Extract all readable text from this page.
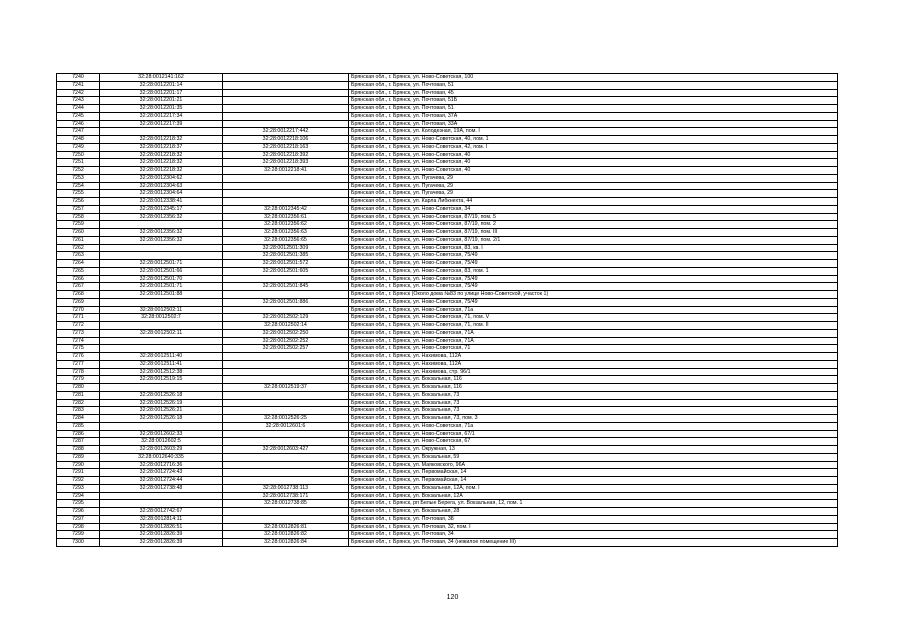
7240	32:28:0012141:162		Брянская обл., г. Брянск, ул. Ново-Советская, 100
7241	32:28:0012201:14		Брянская обл., г. Брянск, ул. Почтовая, 51
7242	32:28:0012201:17		Брянская обл., г. Брянск, ул. Почтовая, 45
7243	32:28:0012201:21		Брянская обл., г. Брянск, ул. Почтовая, 51Б
7244	32:28:0012201:35		Брянская обл., г. Брянск, ул. Почтовая, 51
7245	32:28:0012217:34		Брянская обл., г. Брянск, ул. Почтовая, 37А
7246	32:28:0012217:39		Брянская обл., г. Брянск, ул. Почтовая, 33А
7247		32:28:0012217:442	Брянская обл., г. Брянск, ул. Колодезная, 19А, пом. I
7248	32:28:0012218:32	32:28:0012218:106	Брянская обл., г. Брянск, ул. Ново-Советская, 40, пом. 1
7249	32:28:0012218:37	32:28:0012218:163	Брянская обл., г. Брянск, ул. Ново-Советская, 42, пом. I
7250	32:28:0012218:32	32:28:0012218:392	Брянская обл., г. Брянск, ул. Ново-Советская, 40
7251	32:28:0012218:32	32:28:0012218:393	Брянская обл., г. Брянск, ул. Ново-Советская, 40
7252	32:28:0012218:32	32:28:0012218:41	Брянская обл., г. Брянск, ул. Ново-Советская, 40
7253	32:28:0012304:62		Брянская обл., г. Брянск, ул. Пугачева, 29
7254	32:28:0012304:63		Брянская обл., г. Брянск, ул. Пугачева, 29
7255	32:28:0012304:64		Брянская обл., г. Брянск, ул. Пугачева, 29
7256	32:28:0012338:41		Брянская обл., г. Брянск, ул. Карла Либкнехта, 44
7257	32:28:0012345:17	32:28:0012345:42	Брянская обл., г. Брянск, ул. Ново-Советская, 34
7258	32:28:0012356:32	32:28:0012356:61	Брянская обл., г. Брянск, ул. Ново-Советская, 87/19, пом. 5
7259		32:28:0012356:62	Брянская обл., г. Брянск, ул. Ново-Советская, 87/19, пом. 2
7260	32:28:0012356:32	32:28:0012356:63	Брянская обл., г. Брянск, ул. Ново-Советская, 87/19, пом. III
7261	32:28:0012356:32	32:28:0012356:65	Брянская обл., г. Брянск, ул. Ново-Советская, 87/19, пом. 2/1
7262		32:28:0012501:309	Брянская обл., г. Брянск, ул. Ново-Советская, 83, кв. I
7263		32:28:0012501:385	Брянская обл., г. Брянск, ул. Ново-Советская, 75/49
7264	32:28:0012501:71	32:28:0012501:572	Брянская обл., г. Брянск, ул. Ново-Советская, 75/49
7265	32:28:0012501:66	32:28:0012501:605	Брянская обл., г. Брянск, ул. Ново-Советская, 83, пом. 1
7266	32:28:0012501:70		Брянская обл., г. Брянск, ул. Ново-Советская, 75/49
7267	32:28:0012501:71	32:28:0012501:845	Брянская обл., г. Брянск, ул. Ново-Советская, 75/49
7268	32:28:0012501:88		Брянская обл., г. Брянск (Около дома №83 по улице Ново-Советской, участок 1)
7269		32:28:0012501:886	Брянская обл., г. Брянск, ул. Ново-Советская, 75/49
7270	32:28:0012502:11		Брянская обл., г. Брянск, ул. Ново-Советская, 71а
7271	32:28:0012502:7	32:28:0012502:129	Брянская обл., г. Брянск, ул. Ново-Советская, 71, пом. V
7272		32:28:0012502:14	Брянская обл., г. Брянск, ул. Ново-Советская, 71, пом. II
7273	32:28:0012502:11	32:28:0012502:250	Брянская обл., г. Брянск, ул. Ново-Советская, 71А
7274		32:28:0012502:252	Брянская обл., г. Брянск, ул. Ново-Советская, 71А
7275		32:28:0012502:257	Брянская обл., г. Брянск, ул. Ново-Советская, 71
7276	32:28:0012511:40		Брянская обл., г. Брянск, ул. Нахимова, 112А
7277	32:28:0012511:41		Брянская обл., г. Брянск, ул. Нахимова, 112А
7278	32:28:0012512:38		Брянская обл., г. Брянск, ул. Нахимова, стр. 96/1
7279	32:28:0012519:15		Брянская обл., г. Брянск, ул. Вокзальная, 116
7280		32:28:0012519:37	Брянская обл., г. Брянск, ул. Вокзальная, 116
7281	32:28:0012526:18		Брянская обл., г. Брянск, ул. Вокзальная, 73
7282	32:28:0012526:19		Брянская обл., г. Брянск, ул. Вокзальная, 73
7283	32:28:0012526:21		Брянская обл., г. Брянск, ул. Вокзальная, 73
7284	32:28:0012526:18	32:28:0012526:25	Брянская обл., г. Брянск, ул. Вокзальная, 73, пом. 3
7285		32:28:0012601:6	Брянская обл., г. Брянск, ул. Ново-Советская, 71а
7286	32:28:0012602:33		Брянская обл., г. Брянск, ул. Ново-Советская, 67/1
7287	32:28:0012602:5		Брянская обл., г. Брянск, ул. Ново-Советская, 67
7288	32:28:0012603:29	32:28:0012603:427	Брянская обл., г. Брянск, ул. Окружная, 13
7289	32:28:0012640:335		Брянская обл., г. Брянск, ул. Вокзальная, 59
7290	32:28:0012716:36		Брянская обл., г. Брянск, ул. Маяковского, 96А
7291	32:28:0012724:43		Брянская обл., г. Брянск, ул. Первомайская, 14
7292	32:28:0012724:44		Брянская обл., г. Брянск, ул. Первомайская, 14
7293	32:28:0012738:48	32:28:0012738:113	Брянская обл., г. Брянск, ул. Вокзальная, 12А, пом. I
7294		32:28:0012738:171	Брянская обл., г. Брянск, ул. Вокзальная, 12А
7295		32:28:0012738:85	Брянская обл., г. Брянск, рп Белые Берега, ул. Вокзальная, 12, пом. 1
7296	32:28:0012742:67		Брянская обл., г. Брянск, ул. Вокзальная, 28
7297	32:28:0012814:11		Брянская обл., г. Брянск, ул. Почтовая, 38
7298	32:28:0012826:51	32:28:0012826:81	Брянская обл., г. Брянск, ул. Почтовая, 32, пом. I
7299	32:28:0012826:39	32:28:0012826:82	Брянская обл., г. Брянск, ул. Почтовая, 34
7300	32:28:0012826:39	32:28:0012826:84	Брянская обл., г. Брянск, ул. Почтовая, 34 (нежилое помещение III)
120
